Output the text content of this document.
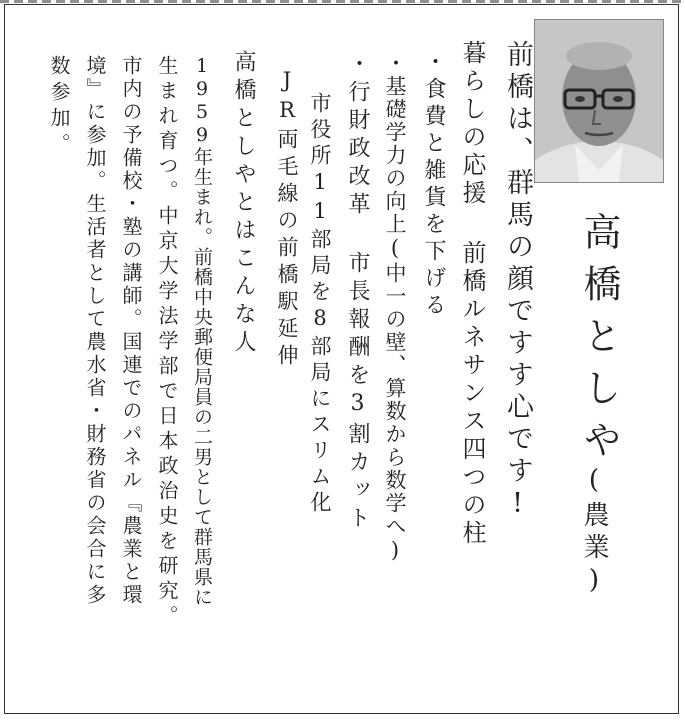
高橋としや
(農業)
前橋は、群馬の顔ですす心です!
暮らしの応援 前橋ルネサンス四つの柱
・食費と雑貨を下げる
・基礎学力の向上(中一の壁、算数から数学へ)
・行財政改革 市長報酬を3割カット
市役所11部局を8部局にスリム化
JR両毛線の前橋駅延伸
高橋としやとはこんな人
1959年生まれ。前橋中央郵便局員の二男として群馬県に
生まれ育つ。中京大学法学部で日本政治史を研究。
市内の予備校・塾の講師。国連でのパネル『農業と環
境』に参加。生活者として農水省・財務省の会合に多
数参加。
